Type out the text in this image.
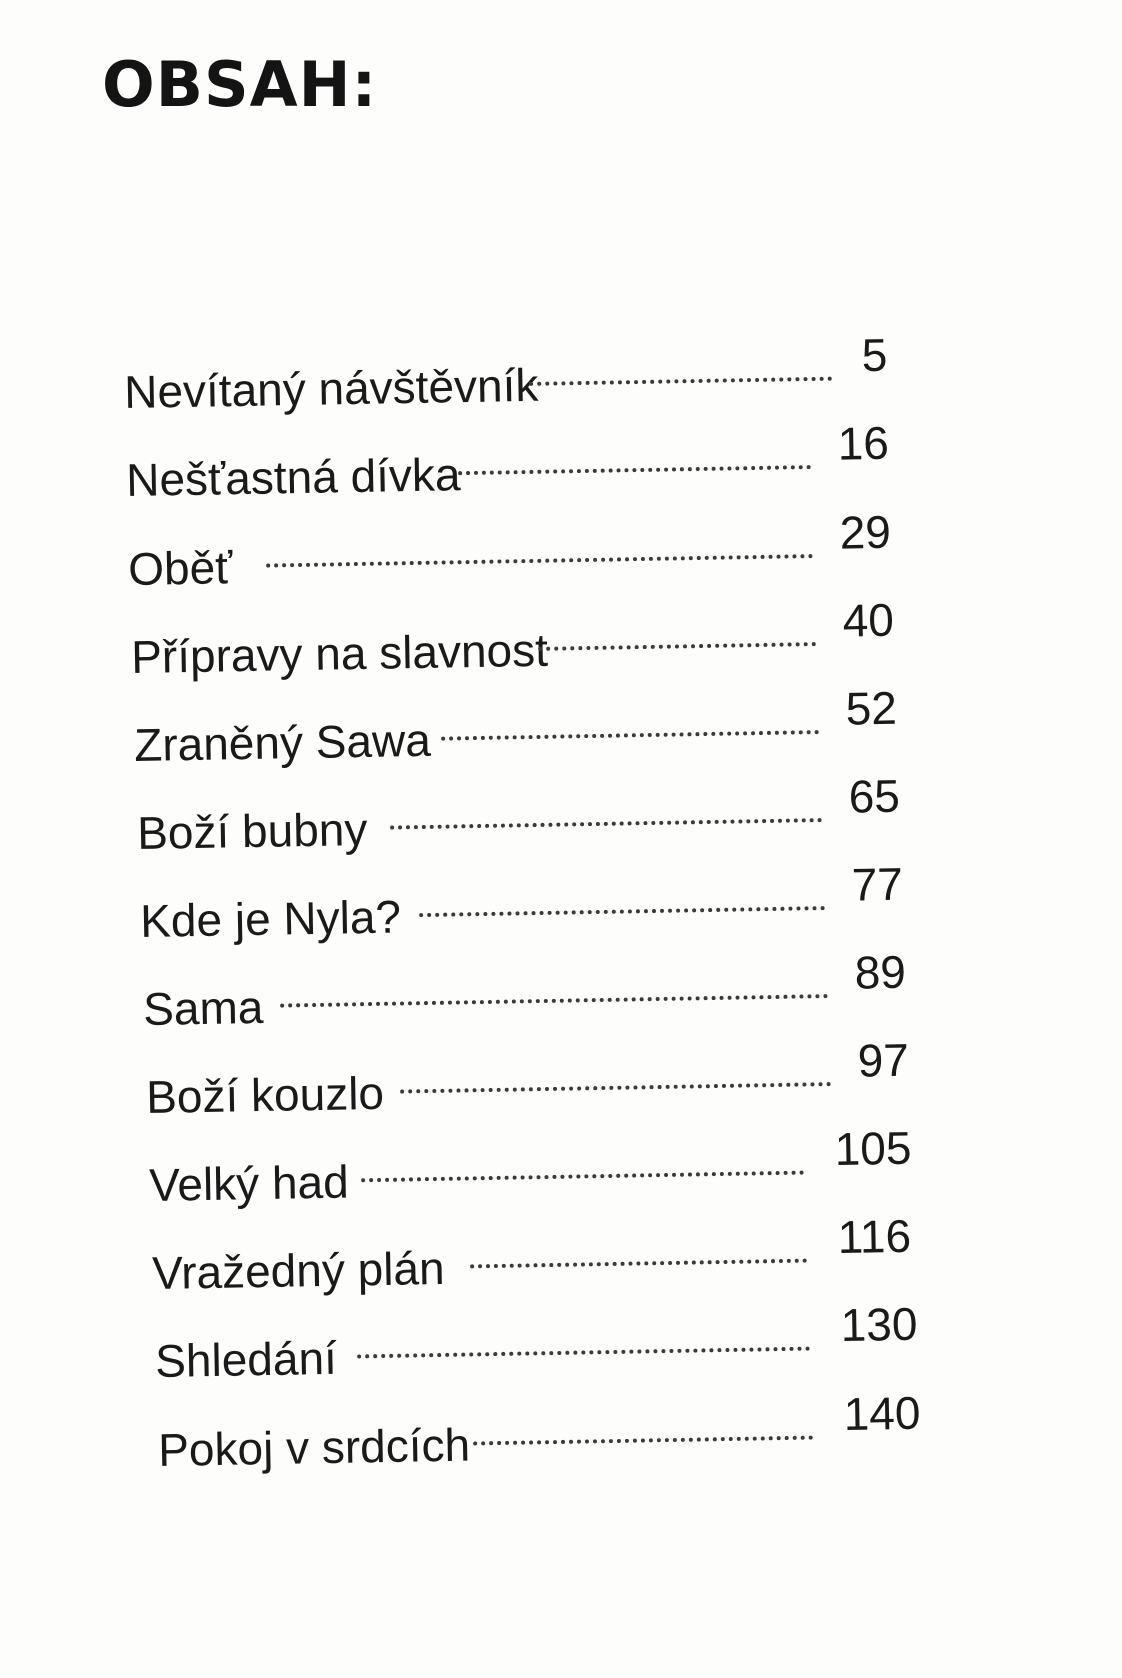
OBSAH:
Nevítaný návštěvník
5
Nešťastná dívka
16
Oběť
29
Přípravy na slavnost
40
Zraněný Sawa
52
Boží bubny
65
Kde je Nyla?
77
Sama
89
Boží kouzlo
97
Velký had
105
Vražedný plán
116
Shledání
130
Pokoj v srdcích
140
